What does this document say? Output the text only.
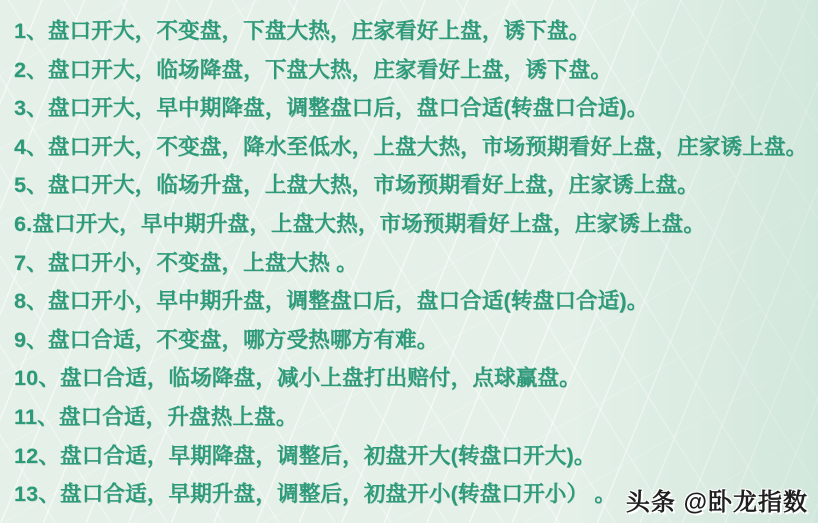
1、盘口开大，不变盘，下盘大热，庄家看好上盘，诱下盘。
2、盘口开大，临场降盘，下盘大热，庄家看好上盘，诱下盘。
3、盘口开大，早中期降盘，调整盘口后，盘口合适(转盘口合适)。
4、盘口开大，不变盘，降水至低水，上盘大热，市场预期看好上盘，庄家诱上盘。
5、盘口开大，临场升盘，上盘大热，市场预期看好上盘，庄家诱上盘。
6.盘口开大，早中期升盘，上盘大热，市场预期看好上盘，庄家诱上盘。
7、盘口开小，不变盘，上盘大热 。
8、盘口开小，早中期升盘，调整盘口后，盘口合适(转盘口合适)。
9、盘口合适，不变盘，哪方受热哪方有难。
10、盘口合适，临场降盘，减小上盘打出赔付，点球赢盘。
11、盘口合适，升盘热上盘。
12、盘口合适，早期降盘，调整后，初盘开大(转盘口开大)。
13、盘口合适，早期升盘，调整后，初盘开小(转盘口开小） 。 头条 @卧龙指数
